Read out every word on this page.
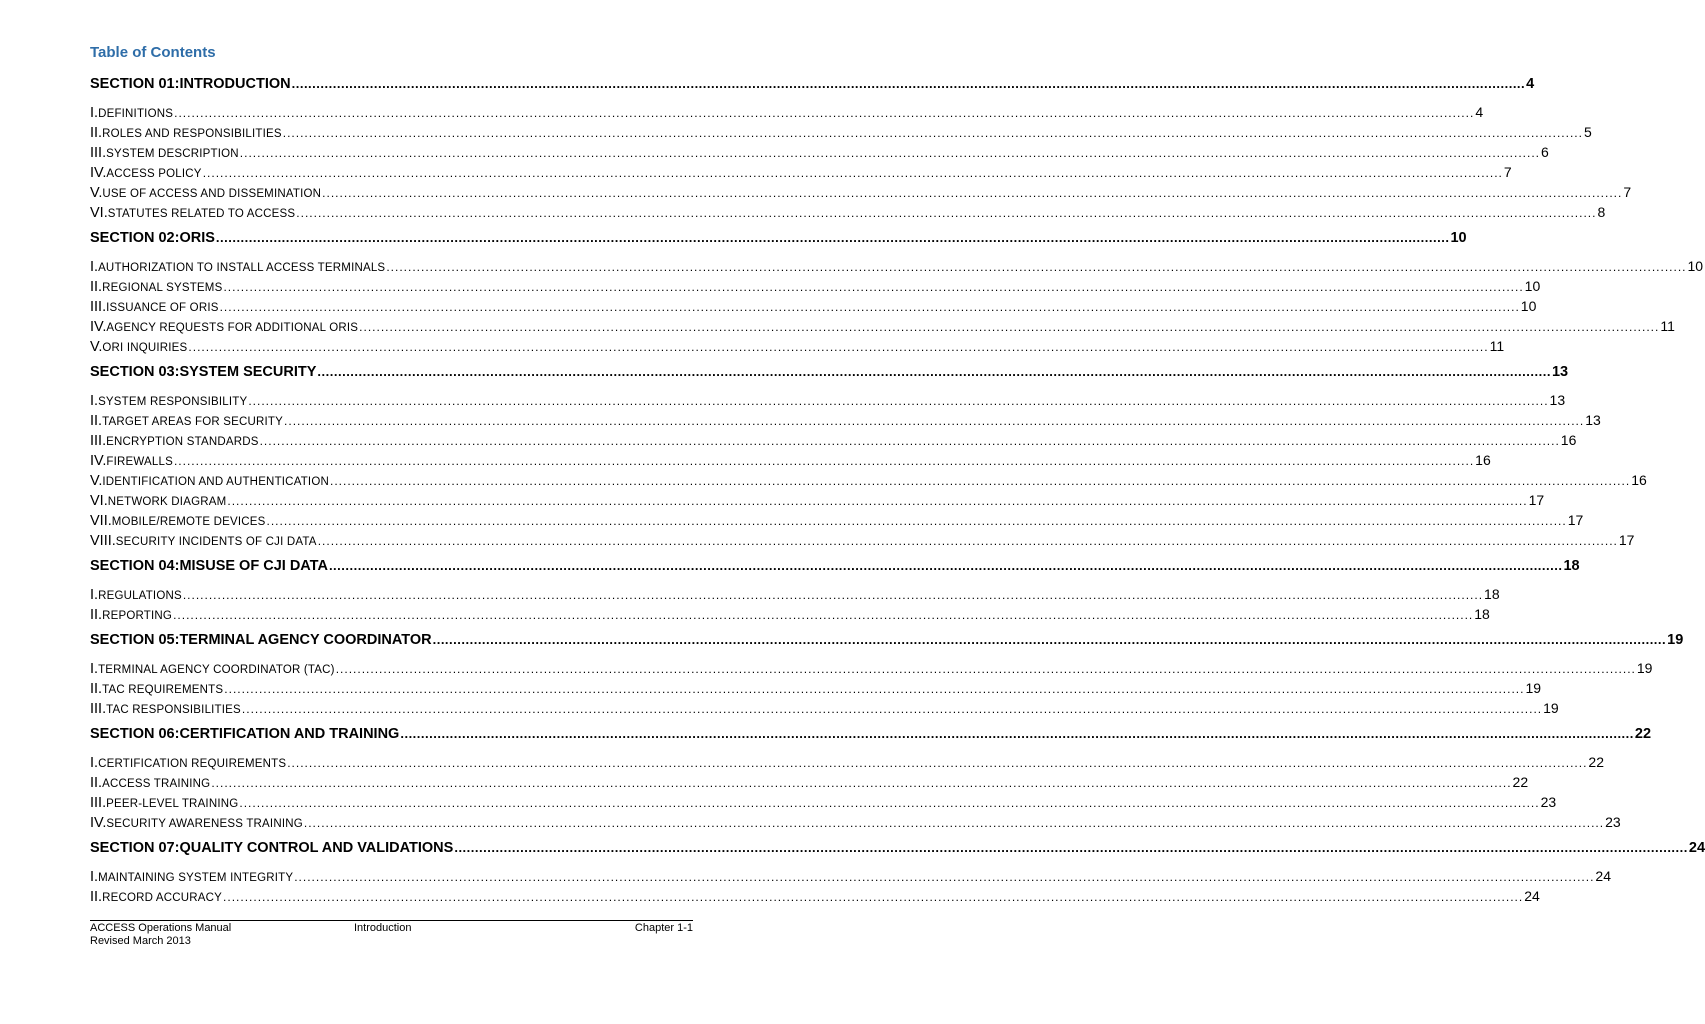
Table of Contents
SECTION 01: INTRODUCTION ............................................................................................................................................................................................................................................................................................................ 4
I. DEFINITIONS ............................................................................................................................................................................................................................................................................................................ 4
II. ROLES AND RESPONSIBILITIES ............................................................................................................................................................................................................................................................................................................ 5
III. SYSTEM DESCRIPTION ............................................................................................................................................................................................................................................................................................................ 6
IV. ACCESS POLICY ............................................................................................................................................................................................................................................................................................................ 7
V. USE OF ACCESS AND DISSEMINATION ............................................................................................................................................................................................................................................................................................................ 7
VI. STATUTES RELATED TO ACCESS ............................................................................................................................................................................................................................................................................................................ 8
SECTION 02: ORIS ............................................................................................................................................................................................................................................................................................................ 10
I. AUTHORIZATION TO INSTALL ACCESS TERMINALS ............................................................................................................................................................................................................................................................................................................ 10
II. REGIONAL SYSTEMS ............................................................................................................................................................................................................................................................................................................ 10
III. ISSUANCE OF ORIS ............................................................................................................................................................................................................................................................................................................ 10
IV. AGENCY REQUESTS FOR ADDITIONAL ORIS ............................................................................................................................................................................................................................................................................................................ 11
V. ORI INQUIRIES ............................................................................................................................................................................................................................................................................................................ 11
SECTION 03: SYSTEM SECURITY ............................................................................................................................................................................................................................................................................................................ 13
I. SYSTEM RESPONSIBILITY ............................................................................................................................................................................................................................................................................................................ 13
II. TARGET AREAS FOR SECURITY ............................................................................................................................................................................................................................................................................................................ 13
III. ENCRYPTION STANDARDS ............................................................................................................................................................................................................................................................................................................ 16
IV. FIREWALLS ............................................................................................................................................................................................................................................................................................................ 16
V. IDENTIFICATION AND AUTHENTICATION ............................................................................................................................................................................................................................................................................................................ 16
VI. NETWORK DIAGRAM ............................................................................................................................................................................................................................................................................................................ 17
VII. MOBILE/REMOTE DEVICES ............................................................................................................................................................................................................................................................................................................ 17
VIII. SECURITY INCIDENTS OF CJI DATA ............................................................................................................................................................................................................................................................................................................ 17
SECTION 04: MISUSE OF CJI DATA ............................................................................................................................................................................................................................................................................................................ 18
I. REGULATIONS ............................................................................................................................................................................................................................................................................................................ 18
II. REPORTING ............................................................................................................................................................................................................................................................................................................ 18
SECTION 05: TERMINAL AGENCY COORDINATOR ............................................................................................................................................................................................................................................................................................................ 19
I. TERMINAL AGENCY COORDINATOR (TAC) ............................................................................................................................................................................................................................................................................................................ 19
II. TAC REQUIREMENTS ............................................................................................................................................................................................................................................................................................................ 19
III. TAC RESPONSIBILITIES ............................................................................................................................................................................................................................................................................................................ 19
SECTION 06: CERTIFICATION AND TRAINING ............................................................................................................................................................................................................................................................................................................ 22
I. CERTIFICATION REQUIREMENTS ............................................................................................................................................................................................................................................................................................................ 22
II. ACCESS TRAINING ............................................................................................................................................................................................................................................................................................................ 22
III. PEER-LEVEL TRAINING ............................................................................................................................................................................................................................................................................................................ 23
IV. SECURITY AWARENESS TRAINING ............................................................................................................................................................................................................................................................................................................ 23
SECTION 07: QUALITY CONTROL AND VALIDATIONS ............................................................................................................................................................................................................................................................................................................ 24
I. MAINTAINING SYSTEM INTEGRITY ............................................................................................................................................................................................................................................................................................................ 24
II. RECORD ACCURACY ............................................................................................................................................................................................................................................................................................................ 24
ACCESS Operations Manual
Revised March 2013
Introduction	Chapter 1-1
